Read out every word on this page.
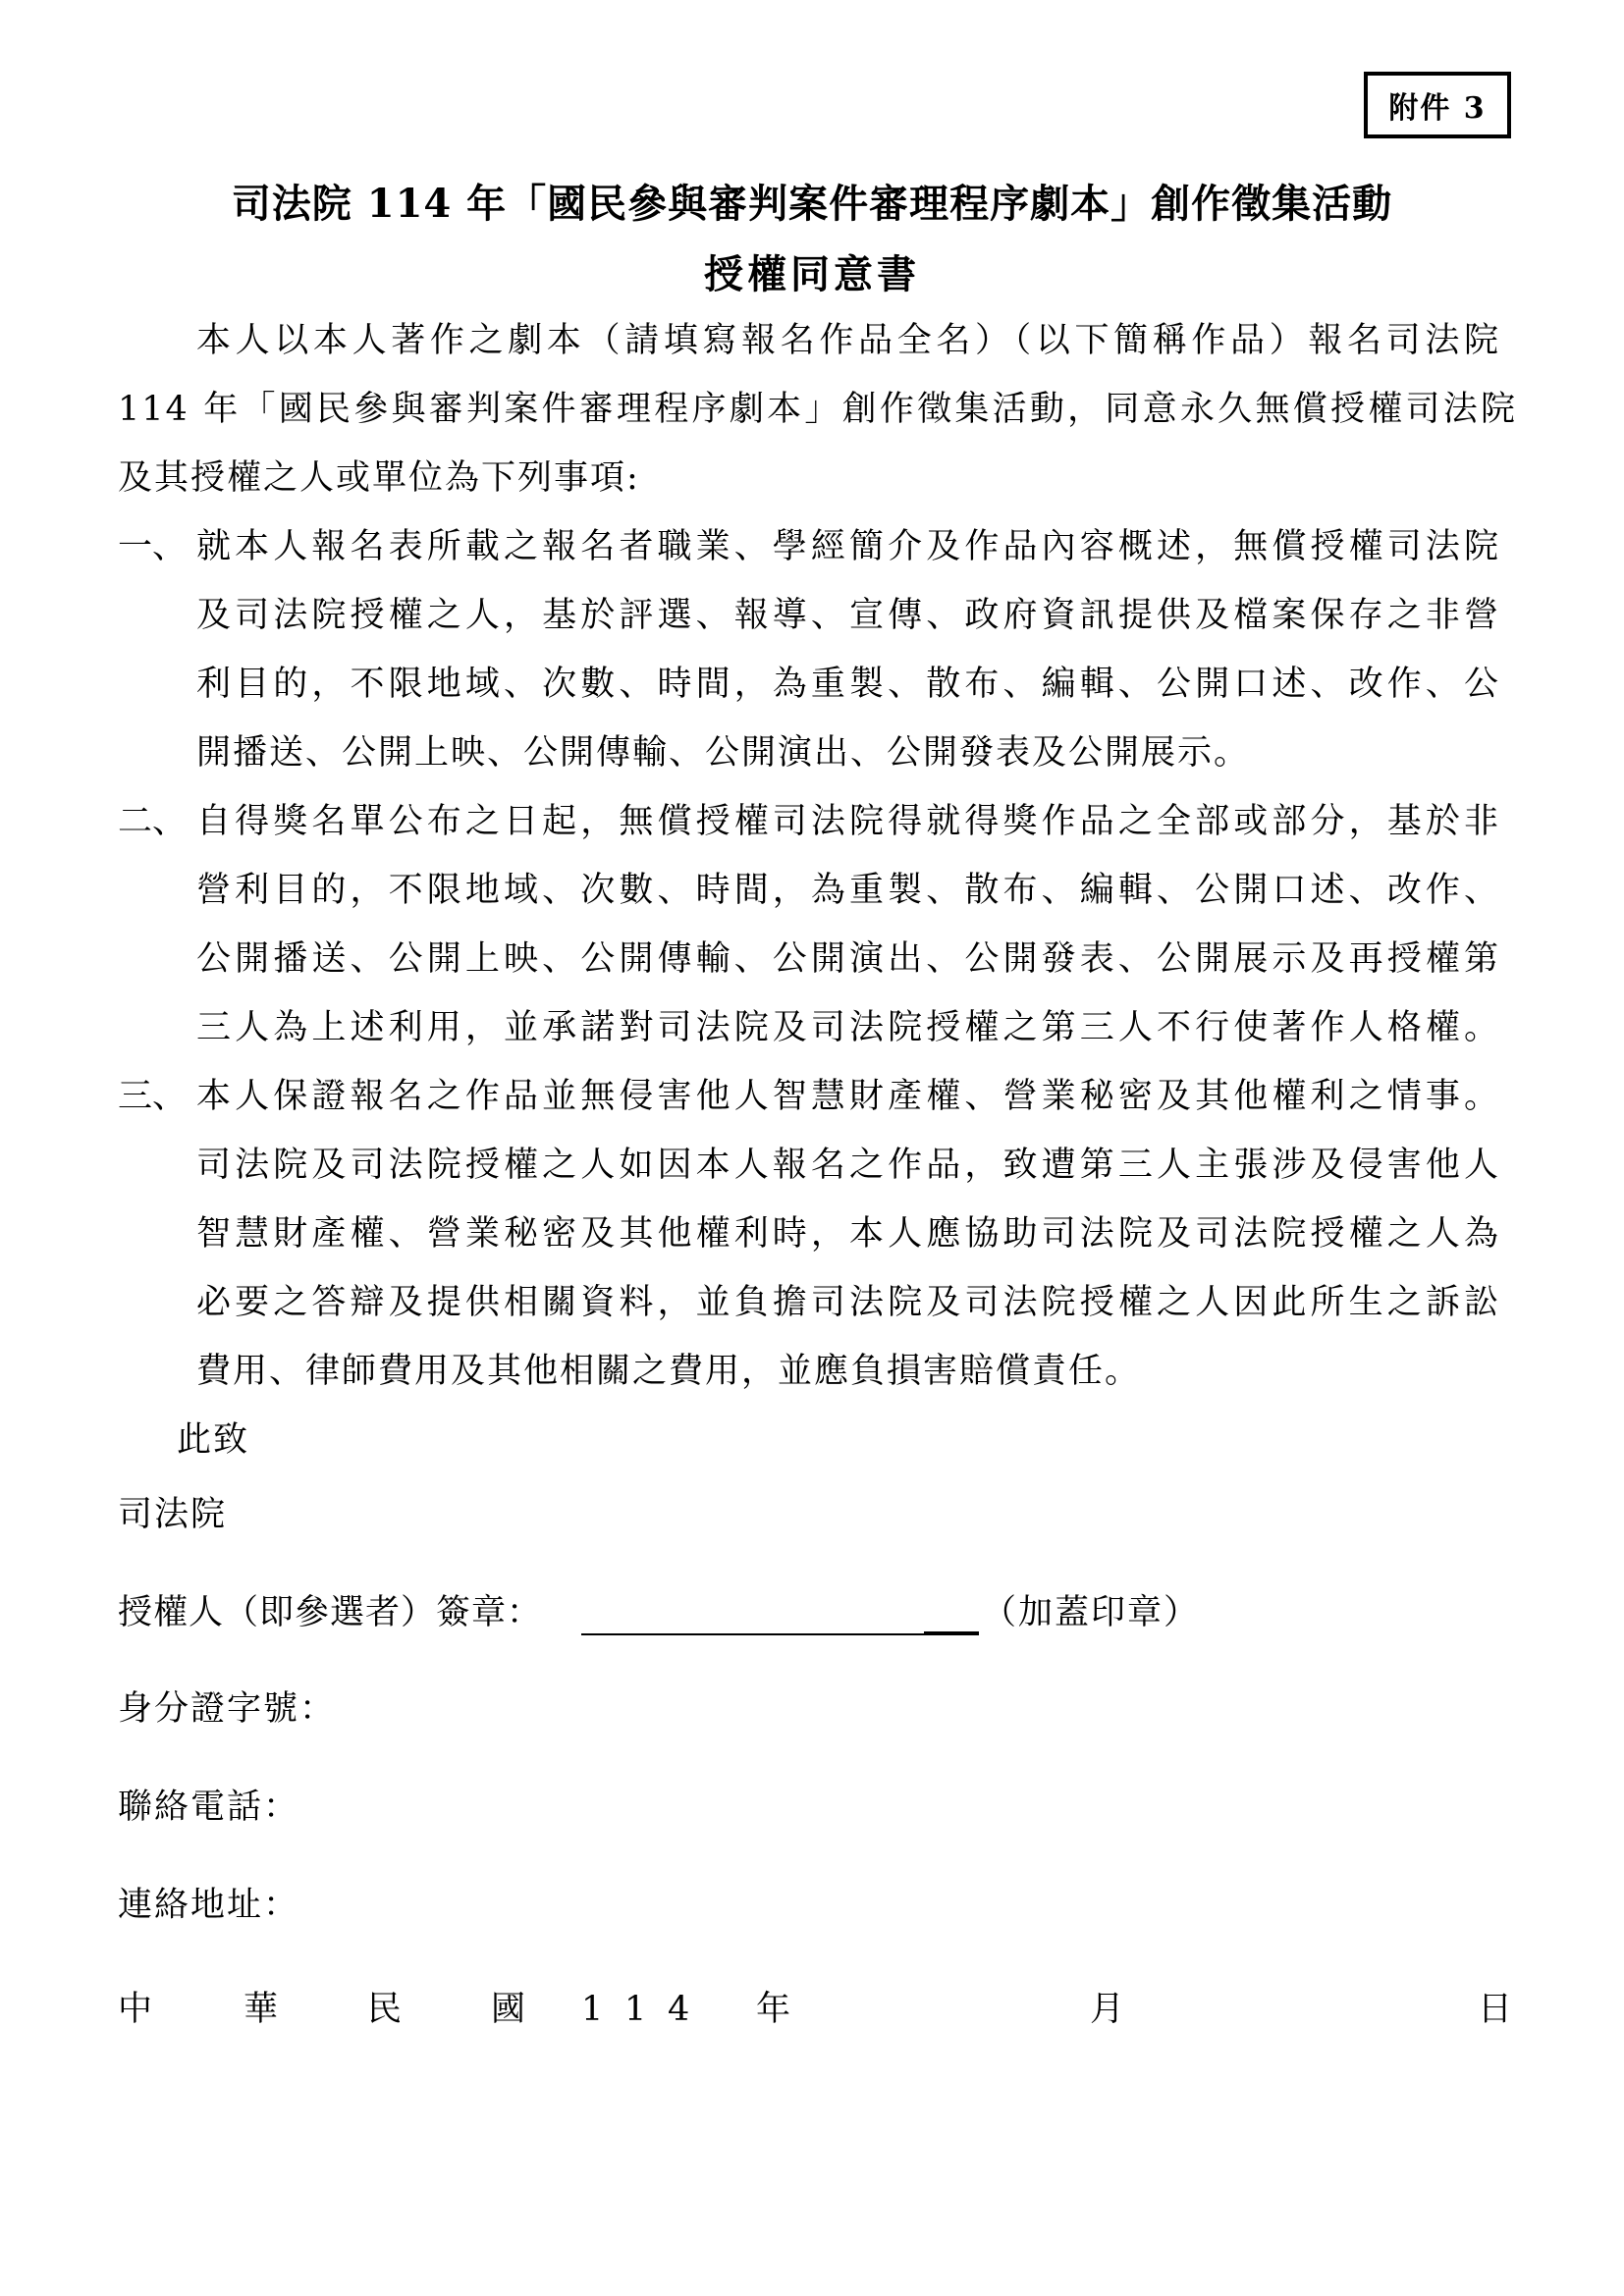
附件 3
司法院 114 年「國民參與審判案件審理程序劇本」創作徵集活動
授權同意書
本人以本人著作之劇本（請填寫報名作品全名）（以下簡稱作品）報名司法院
114 年「國民參與審判案件審理程序劇本」創作徵集活動，同意永久無償授權司法院
及其授權之人或單位為下列事項:
一、 就本人報名表所載之報名者職業、學經簡介及作品內容概述，無償授權司法院
及司法院授權之人，基於評選、報導、宣傳、政府資訊提供及檔案保存之非營
利目的，不限地域、次數、時間，為重製、散布、編輯、公開口述、改作、公
開播送、公開上映、公開傳輸、公開演出、公開發表及公開展示。
二、 自得獎名單公布之日起，無償授權司法院得就得獎作品之全部或部分，基於非
營利目的，不限地域、次數、時間，為重製、散布、編輯、公開口述、改作、
公開播送、公開上映、公開傳輸、公開演出、公開發表、公開展示及再授權第
三人為上述利用，並承諾對司法院及司法院授權之第三人不行使著作人格權。
三、 本人保證報名之作品並無侵害他人智慧財產權、營業秘密及其他權利之情事。
司法院及司法院授權之人如因本人報名之作品，致遭第三人主張涉及侵害他人
智慧財產權、營業秘密及其他權利時，本人應協助司法院及司法院授權之人為
必要之答辯及提供相關資料，並負擔司法院及司法院授權之人因此所生之訴訟
費用、律師費用及其他相關之費用，並應負損害賠償責任。
此致
司法院
授權人（即參選者）簽章：	（加蓋印章）
身分證字號：
聯絡電話：
連絡地址：
中	華	民	國 1 1 4 年	月	日
